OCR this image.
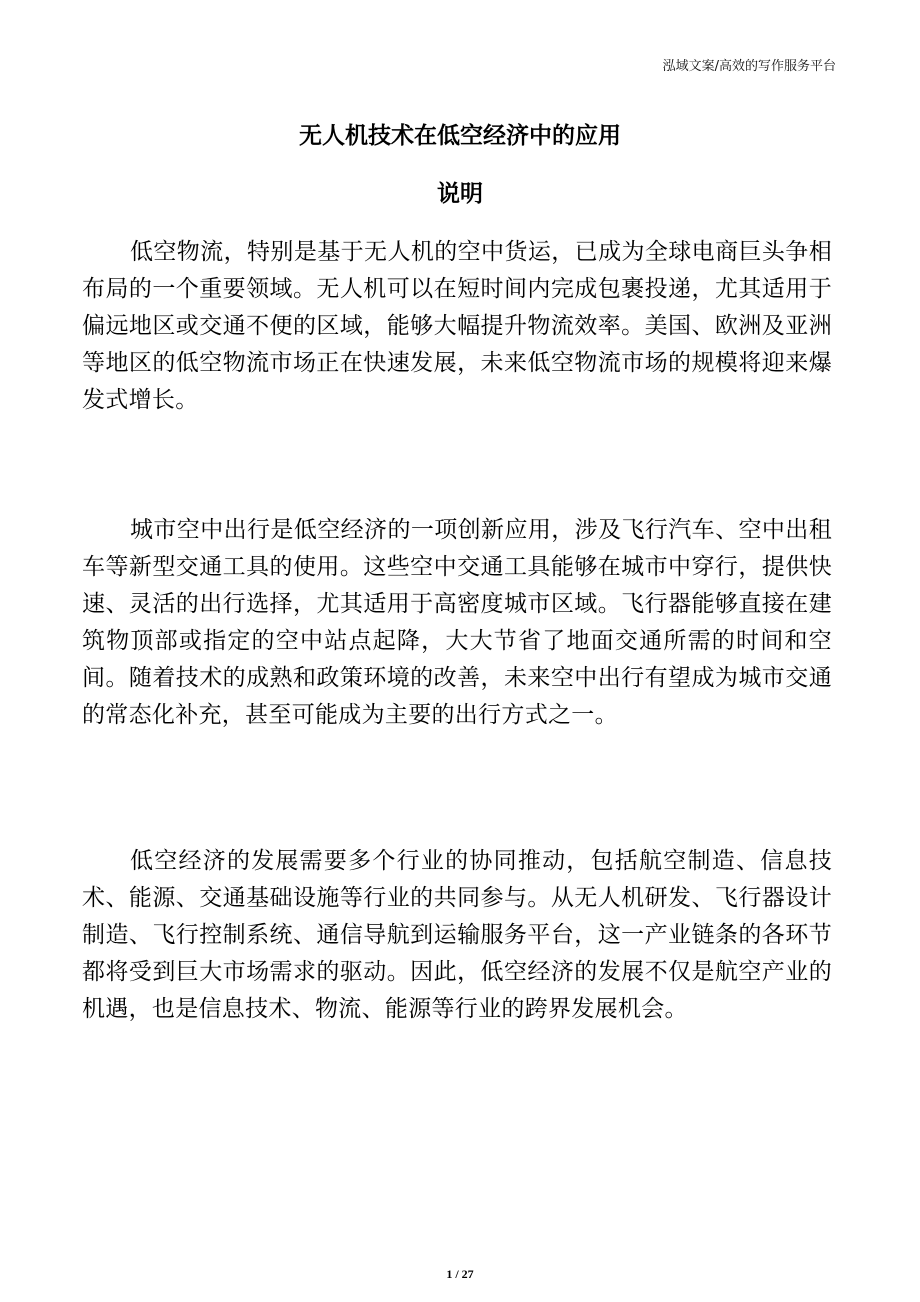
泓域文案/高效的写作服务平台
无人机技术在低空经济中的应用
说明

低空物流，特别是基于无人机的空中货运，已成为全球电商巨头争相布局的一个重要领域。无人机可以在短时间内完成包裹投递，尤其适用于偏远地区或交通不便的区域，能够大幅提升物流效率。美国、欧洲及亚洲等地区的低空物流市场正在快速发展，未来低空物流市场的规模将迎来爆发式增长。

城市空中出行是低空经济的一项创新应用，涉及飞行汽车、空中出租车等新型交通工具的使用。这些空中交通工具能够在城市中穿行，提供快速、灵活的出行选择，尤其适用于高密度城市区域。飞行器能够直接在建筑物顶部或指定的空中站点起降，大大节省了地面交通所需的时间和空间。随着技术的成熟和政策环境的改善，未来空中出行有望成为城市交通的常态化补充，甚至可能成为主要的出行方式之一。

低空经济的发展需要多个行业的协同推动，包括航空制造、信息技术、能源、交通基础设施等行业的共同参与。从无人机研发、飞行器设计制造、飞行控制系统、通信导航到运输服务平台，这一产业链条的各环节都将受到巨大市场需求的驱动。因此，低空经济的发展不仅是航空产业的机遇，也是信息技术、物流、能源等行业的跨界发展机会。

1 / 27
